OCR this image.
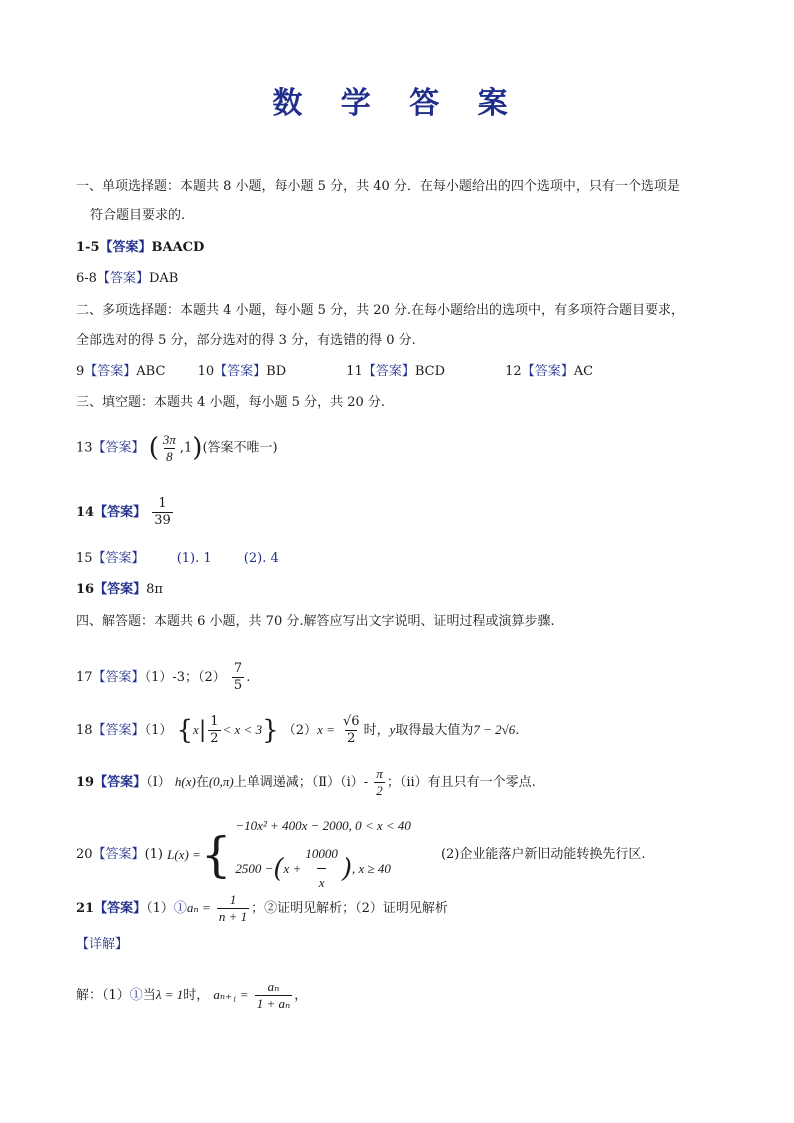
数 学 答 案
一、单项选择题：本题共 8 小题，每小题 5 分，共 40 分．在每小题给出的四个选项中，只有一个选项是
符合题目要求的.
1-5【答案】BAACD
6-8【答案】DAB
二、多项选择题：本题共 4 小题，每小题 5 分，共 20 分.在每小题给出的选项中，有多项符合题目要求，
全部选对的得 5 分，部分选对的得 3 分，有选错的得 0 分.
9【答案】ABC 10【答案】BD	11【答案】BCD	12【答案】AC
三、填空题：本题共 4 小题，每小题 5 分，共 20 分.
13【答案】 ( $\frac{3\pi}{8} ,1$)(答案不唯一)
14【答案】 $\frac{1}{39}$
15【答案】 (1). 1 (2). 4
16【答案】8π
四、解答题：本题共 6 小题，共 70 分.解答应写出文字说明、证明过程或演算步骤.
17【答案】（1）-3；$(2) \frac{7}{5}$ .
18【答案】（1） $\{x| \frac{1}{2} < x < 3\}$ $(2)x = \frac{√6}{2}$ 时，y取得最大值为7 − 2√6.
19【答案】（Ⅰ） h(x)在(0,π)上单调递减；（Ⅱ）（i）- $\frac{\pi}{2}$ ；（ii）有且只有一个零点.
20 【答案】 (1)
L(x) = {
−10x² + 400x − 2000, 0 < x < 40
2500 − ( $x + \frac{10000}{x}$ ) , x ≥ 40
(2)企业能落户新旧动能转换先行区.
21【答案】（1）①aₙ = $\frac{1}{n + 1}$ ；②证明见解析；（2）证明见解析
【详解】
解：（1）①当λ = 1时， $a_{n+1} = \frac{\text{aₙ}}{\text{1 + aₙ}}$ ，
